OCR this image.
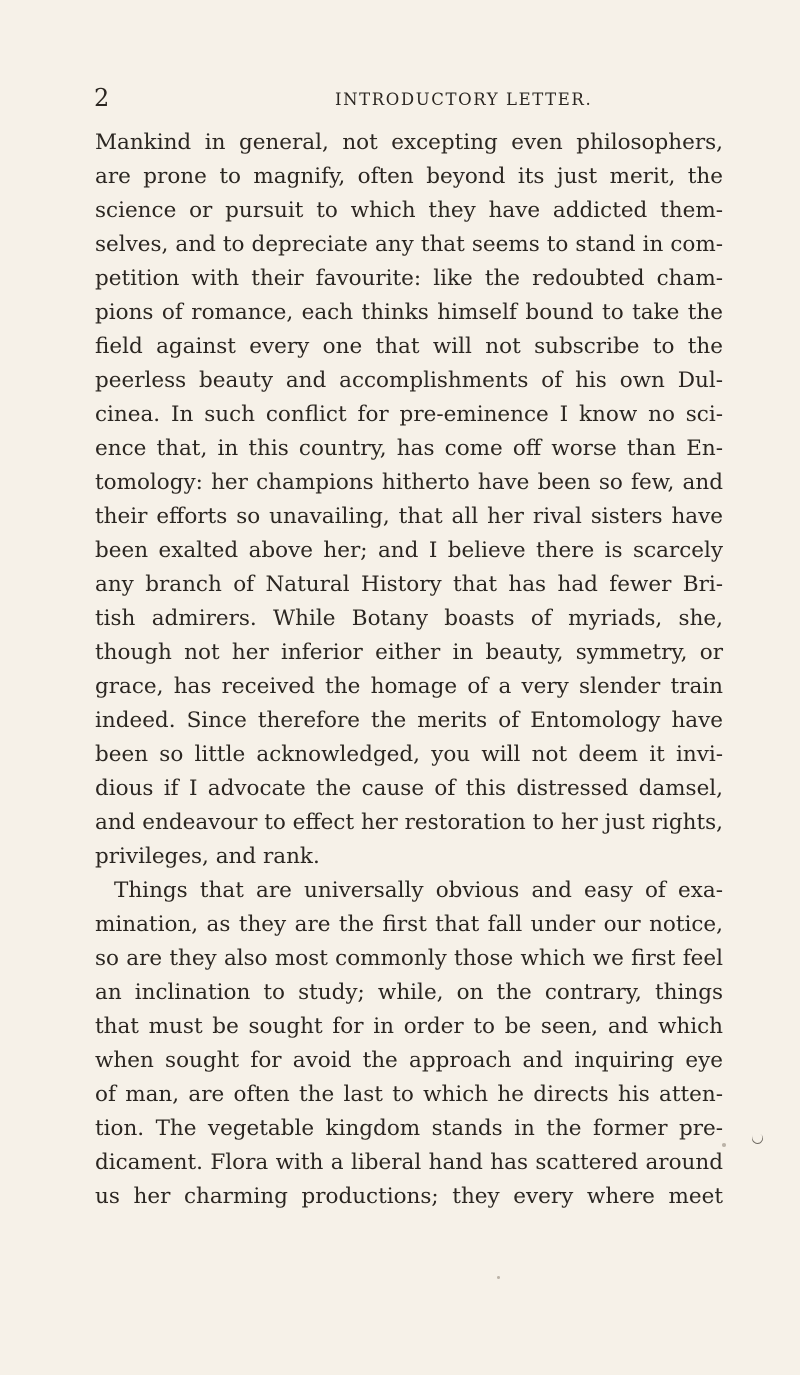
2	INTRODUCTORY LETTER.
Mankind in general, not excepting even philosophers,
are prone to magnify, often beyond its just merit, the
science or pursuit to which they have addicted them-
selves, and to depreciate any that seems to stand in com-
petition with their favourite: like the redoubted cham-
pions of romance, each thinks himself bound to take the
field against every one that will not subscribe to the
peerless beauty and accomplishments of his own Dul-
cinea. In such conflict for pre-eminence I know no sci-
ence that, in this country, has come off worse than En-
tomology: her champions hitherto have been so few, and
their efforts so unavailing, that all her rival sisters have
been exalted above her; and I believe there is scarcely
any branch of Natural History that has had fewer Bri-
tish admirers. While Botany boasts of myriads, she,
though not her inferior either in beauty, symmetry, or
grace, has received the homage of a very slender train
indeed. Since therefore the merits of Entomology have
been so little acknowledged, you will not deem it invi-
dious if I advocate the cause of this distressed damsel,
and endeavour to effect her restoration to her just rights,
privileges, and rank.
Things that are universally obvious and easy of exa-
mination, as they are the first that fall under our notice,
so are they also most commonly those which we first feel
an inclination to study; while, on the contrary, things
that must be sought for in order to be seen, and which
when sought for avoid the approach and inquiring eye
of man, are often the last to which he directs his atten-
tion. The vegetable kingdom stands in the former pre-
dicament. Flora with a liberal hand has scattered around
us her charming productions; they every where meet
